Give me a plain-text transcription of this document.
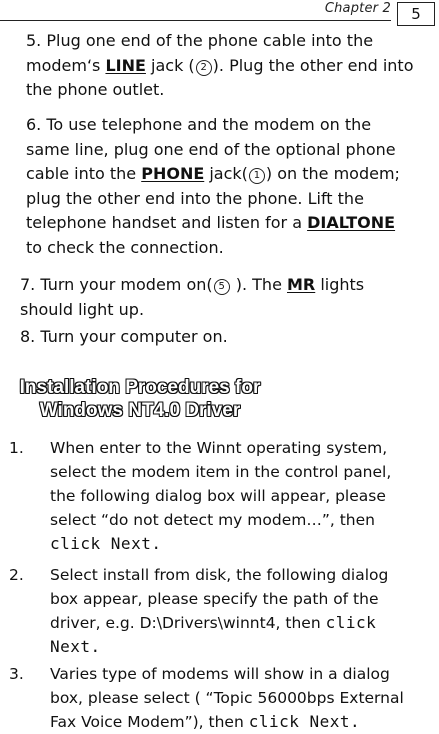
Chapter 2	5

5. Plug one end of the phone cable into the modem‘s LINE jack ( 2 ). Plug the other end into the phone outlet.

6. To use telephone and the modem on the same line, plug one end of the optional phone cable into the PHONE jack( 1 ) on the modem; plug the other end into the phone. Lift the telephone handset and listen for a DIALTONE to check the connection.

7. Turn your modem on( 5 ). The MR lights should light up.

8. Turn your computer on.

Installation Procedures for
Windows NT4.0 Driver
1. When enter to the Winnt operating system, select the modem item in the control panel, the following dialog box will appear, please select “do not detect my modem…”, then click Next.
2. Select install from disk, the following dialog box appear, please specify the path of the driver, e.g. D:\Drivers\winnt4, then click Next.
3. Varies type of modems will show in a dialog box, please select ( “Topic 56000bps External Fax Voice Modem”), then click Next.
